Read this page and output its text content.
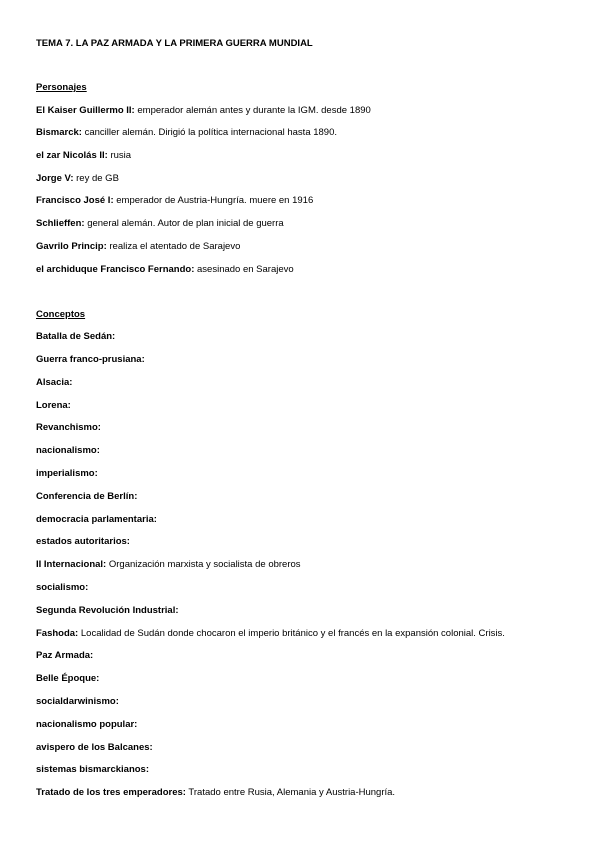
TEMA 7. LA PAZ ARMADA Y LA PRIMERA GUERRA MUNDIAL

Personajes

El Kaiser Guillermo II: emperador alemán antes y durante la IGM. desde 1890

Bismarck: canciller alemán. Dirigió la política internacional hasta 1890.

el zar Nicolás II: rusia

Jorge V: rey de GB

Francisco José I: emperador de Austria-Hungría. muere en 1916

Schlieffen: general alemán. Autor de plan inicial de guerra

Gavrilo Princip: realiza el atentado de Sarajevo

el archiduque Francisco Fernando: asesinado en Sarajevo

Conceptos

Batalla de Sedán:

Guerra franco-prusiana:

Alsacia:

Lorena:

Revanchismo:

nacionalismo:

imperialismo:

Conferencia de Berlín:

democracia parlamentaria:

estados autoritarios:

II Internacional: Organización marxista y socialista de obreros

socialismo:

Segunda Revolución Industrial:

Fashoda: Localidad de Sudán donde chocaron el imperio británico y el francés en la expansión colonial. Crisis.

Paz Armada:

Belle Époque:

socialdarwinismo:

nacionalismo popular:

avispero de los Balcanes:

sistemas bismarckianos:

Tratado de los tres emperadores: Tratado entre Rusia, Alemania y Austria-Hungría.
